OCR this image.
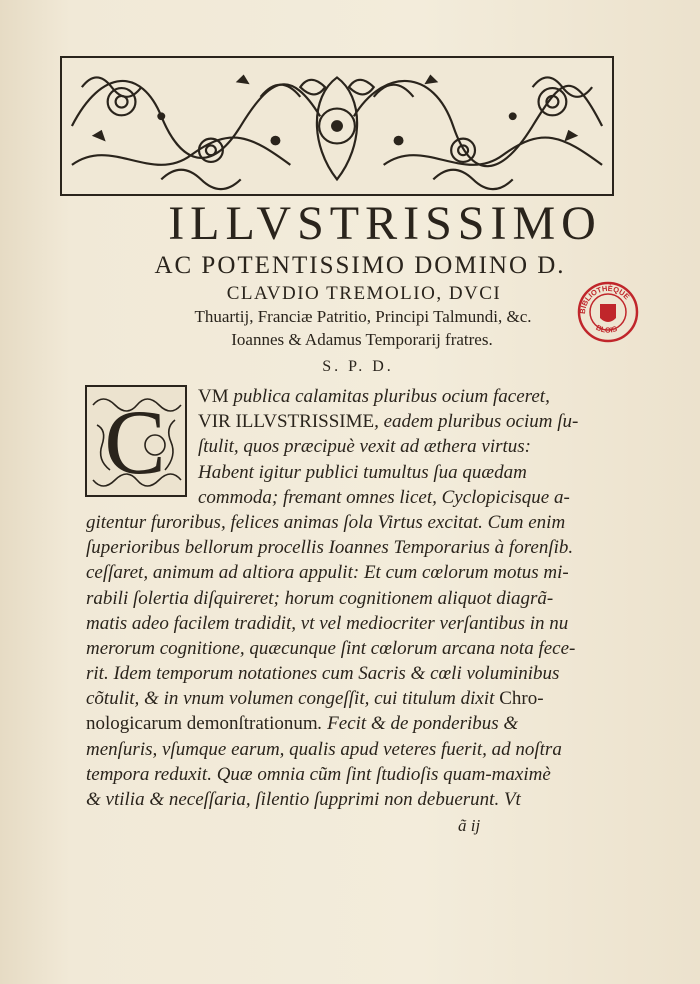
ILLVSTRISSIMO
AC POTENTISSIMO DOMINO D.
CLAVDIO TREMOLIO, DVCI
Thuartij, Franciæ Patritio, Principi Talmundi, &c.
Ioannes & Adamus Temporarij fratres.
S. P. D.
BIBLIOTHÈQUE
BLOIS
C	VM publica calamitas pluribus ocium faceret,
VIR ILLVSTRISSIME, eadem pluribus ocium ſu-
ſtulit, quos præcipuè vexit ad æthera virtus:
Habent igitur publici tumultus ſua quædam
commoda; fremant omnes licet, Cyclopicisque a-
gitentur furoribus, felices animas ſola Virtus excitat. Cum enim
ſuperioribus bellorum procellis Ioannes Temporarius à forenſib.
ceſſaret, animum ad altiora appulit: Et cum cœlorum motus mi-
rabili ſolertia diſquireret; horum cognitionem aliquot diagrã-
matis adeo facilem tradidit, vt vel mediocriter verſantibus in nu
merorum cognitione, quæcunque ſint cœlorum arcana nota fece-
rit. Idem temporum notationes cum Sacris & cœli voluminibus
cõtulit, & in vnum volumen congeſſit, cui titulum dixit Chro-
nologicarum demonſtrationum. Fecit & de ponderibus &
menſuris, vſumque earum, qualis apud veteres fuerit, ad noſtra
tempora reduxit. Quæ omnia cũm ſint ſtudioſis quam-maximè
& vtilia & neceſſaria, ſilentio ſupprimi non debuerunt. Vt
ã ij
